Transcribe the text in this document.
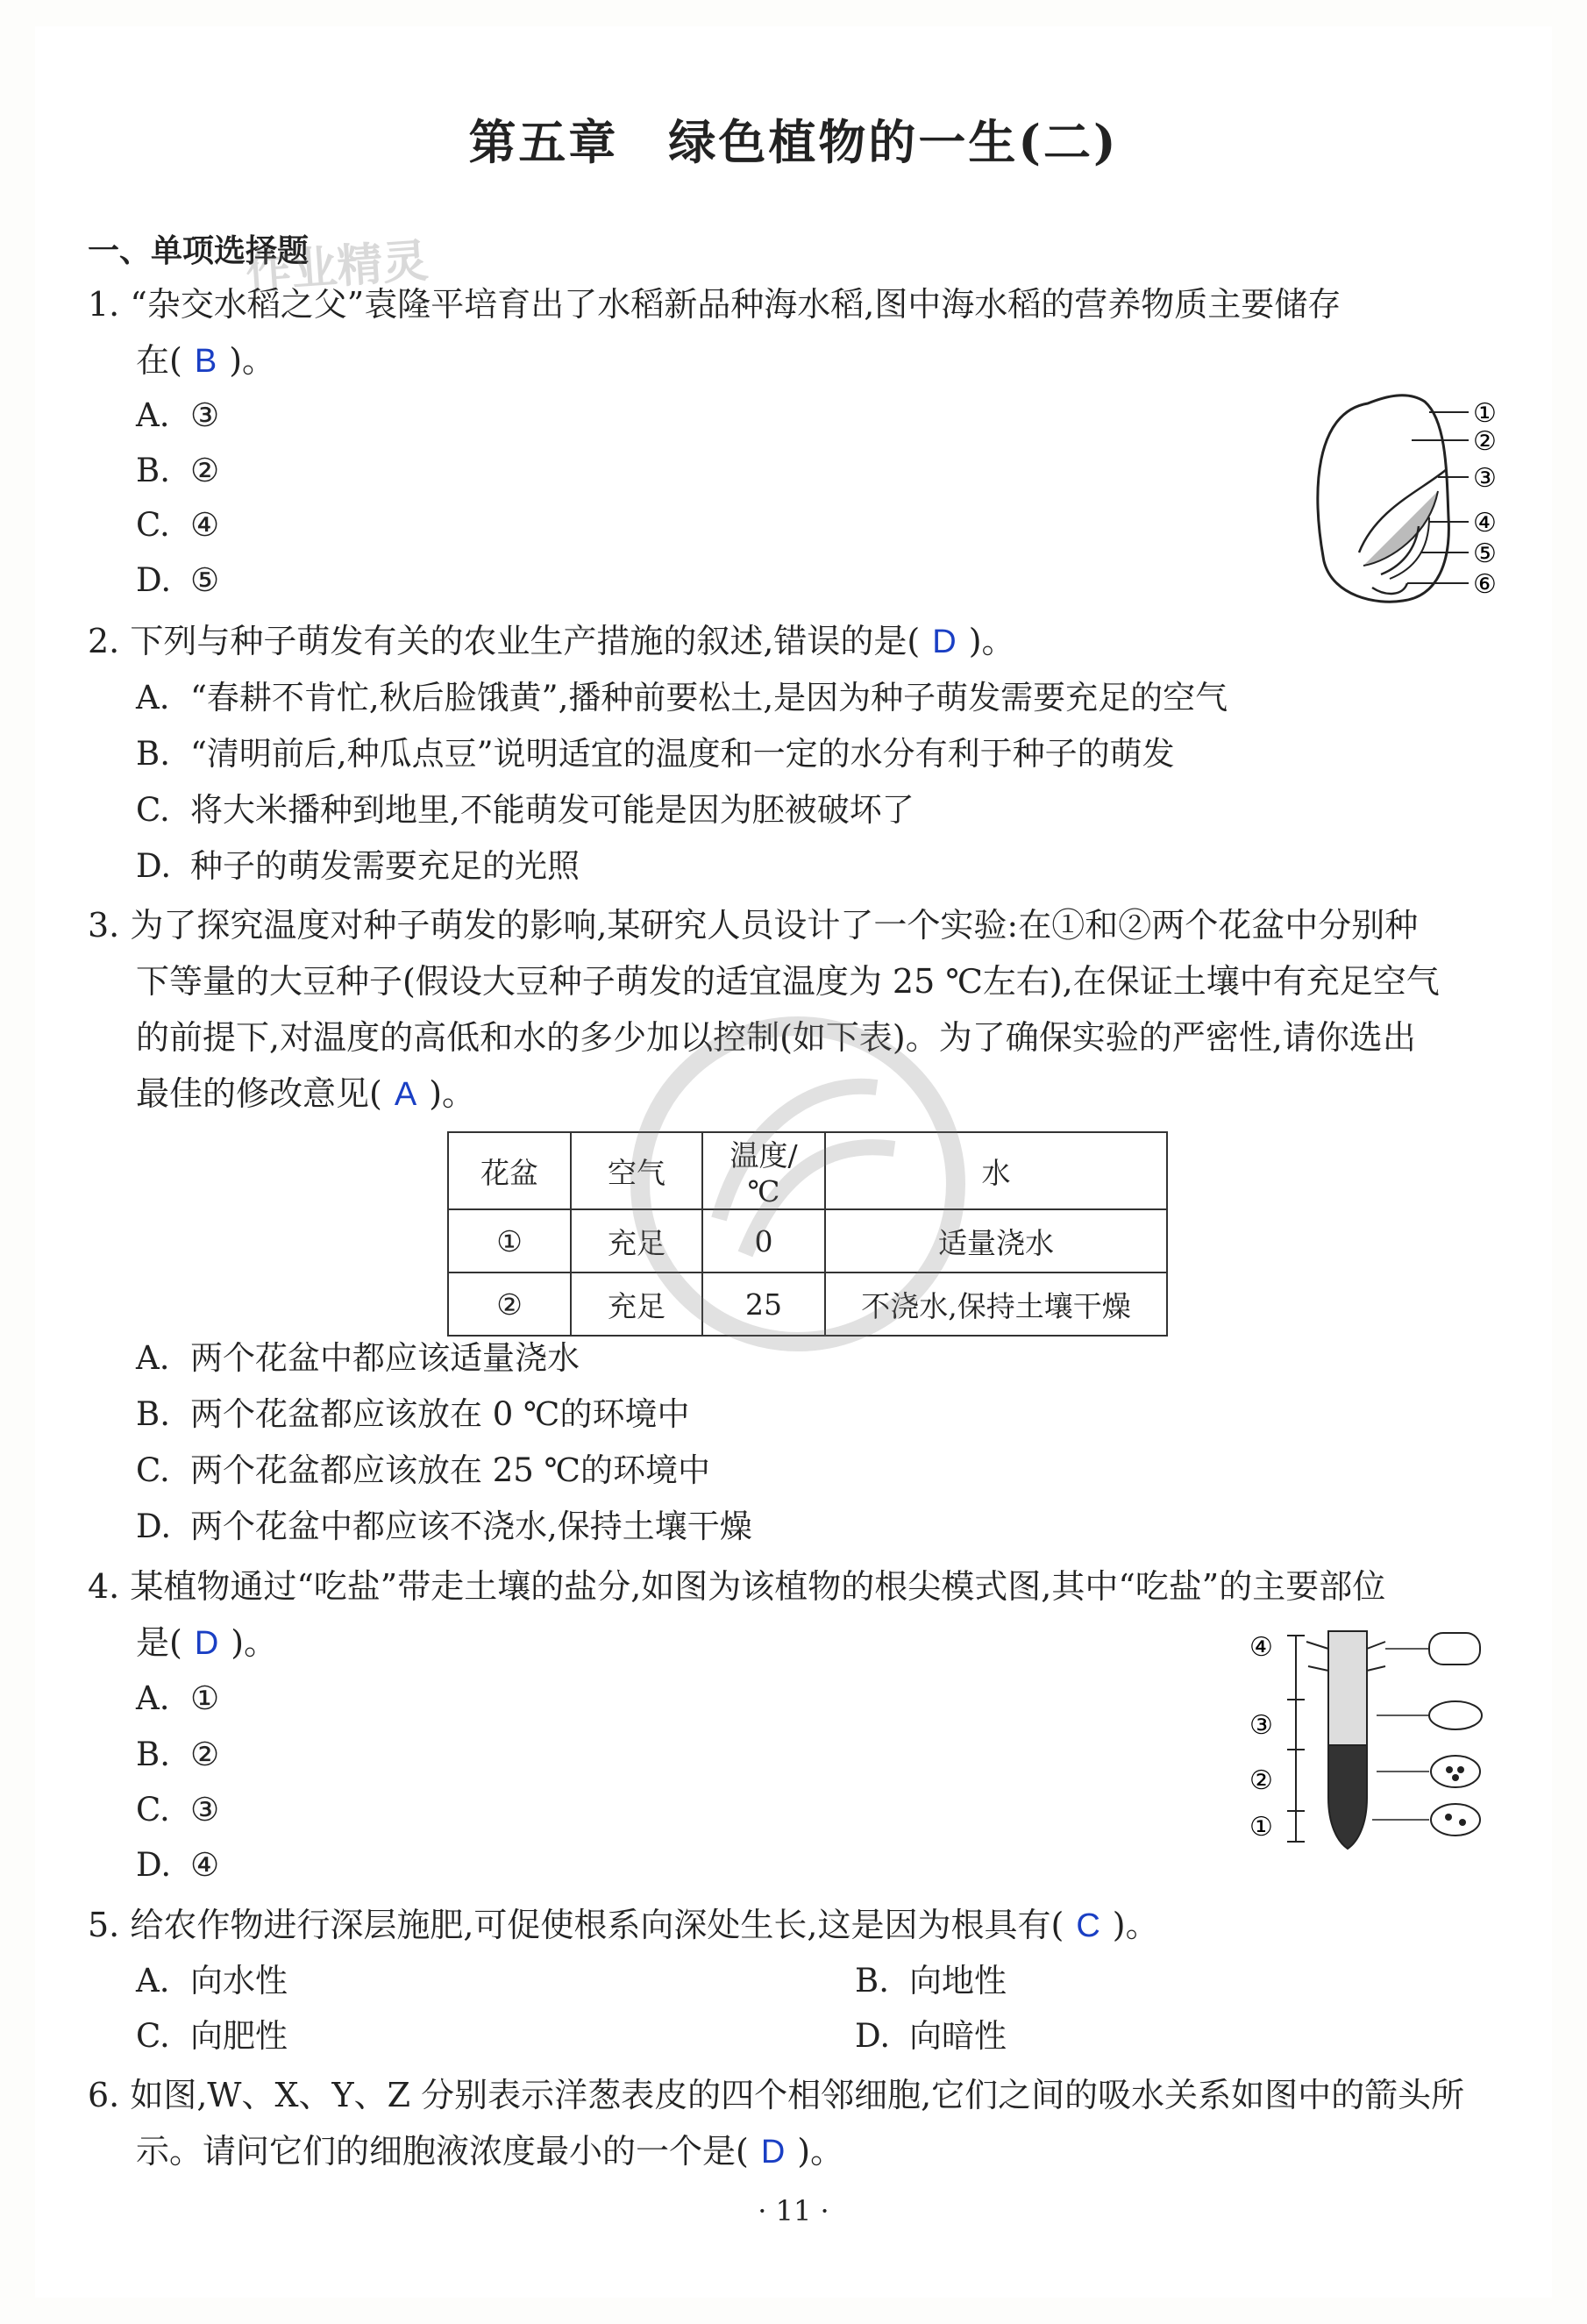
第五章　绿色植物的一生(二)
一、单项选择题
作业精灵
1. “杂交水稻之父”袁隆平培育出了水稻新品种海水稻,图中海水稻的营养物质主要储存
在( B )。
A. ③
B. ②
C. ④
D. ⑤
①
②
③
④
⑤
⑥
2. 下列与种子萌发有关的农业生产措施的叙述,错误的是( D )。
A. “春耕不肯忙,秋后脸饿黄”,播种前要松土,是因为种子萌发需要充足的空气
B. “清明前后,种瓜点豆”说明适宜的温度和一定的水分有利于种子的萌发
C. 将大米播种到地里,不能萌发可能是因为胚被破坏了
D. 种子的萌发需要充足的光照
3. 为了探究温度对种子萌发的影响,某研究人员设计了一个实验:在①和②两个花盆中分别种
下等量的大豆种子(假设大豆种子萌发的适宜温度为 25 ℃左右),在保证土壤中有充足空气
的前提下,对温度的高低和水的多少加以控制(如下表)。为了确保实验的严密性,请你选出
最佳的修改意见( A )。
花盆	空气	温度/℃	水
①	充足	0	适量浇水
②	充足	25	不浇水,保持土壤干燥
A. 两个花盆中都应该适量浇水
B. 两个花盆都应该放在 0 ℃的环境中
C. 两个花盆都应该放在 25 ℃的环境中
D. 两个花盆中都应该不浇水,保持土壤干燥
4. 某植物通过“吃盐”带走土壤的盐分,如图为该植物的根尖模式图,其中“吃盐”的主要部位
是( D )。
A. ①
B. ②
C. ③
D. ④
④
③
②
①
5. 给农作物进行深层施肥,可促使根系向深处生长,这是因为根具有( C )。
A. 向水性	B. 向地性
C. 向肥性	D. 向暗性
6. 如图,W、X、Y、Z 分别表示洋葱表皮的四个相邻细胞,它们之间的吸水关系如图中的箭头所
示。请问它们的细胞液浓度最小的一个是( D )。
· 11 ·
